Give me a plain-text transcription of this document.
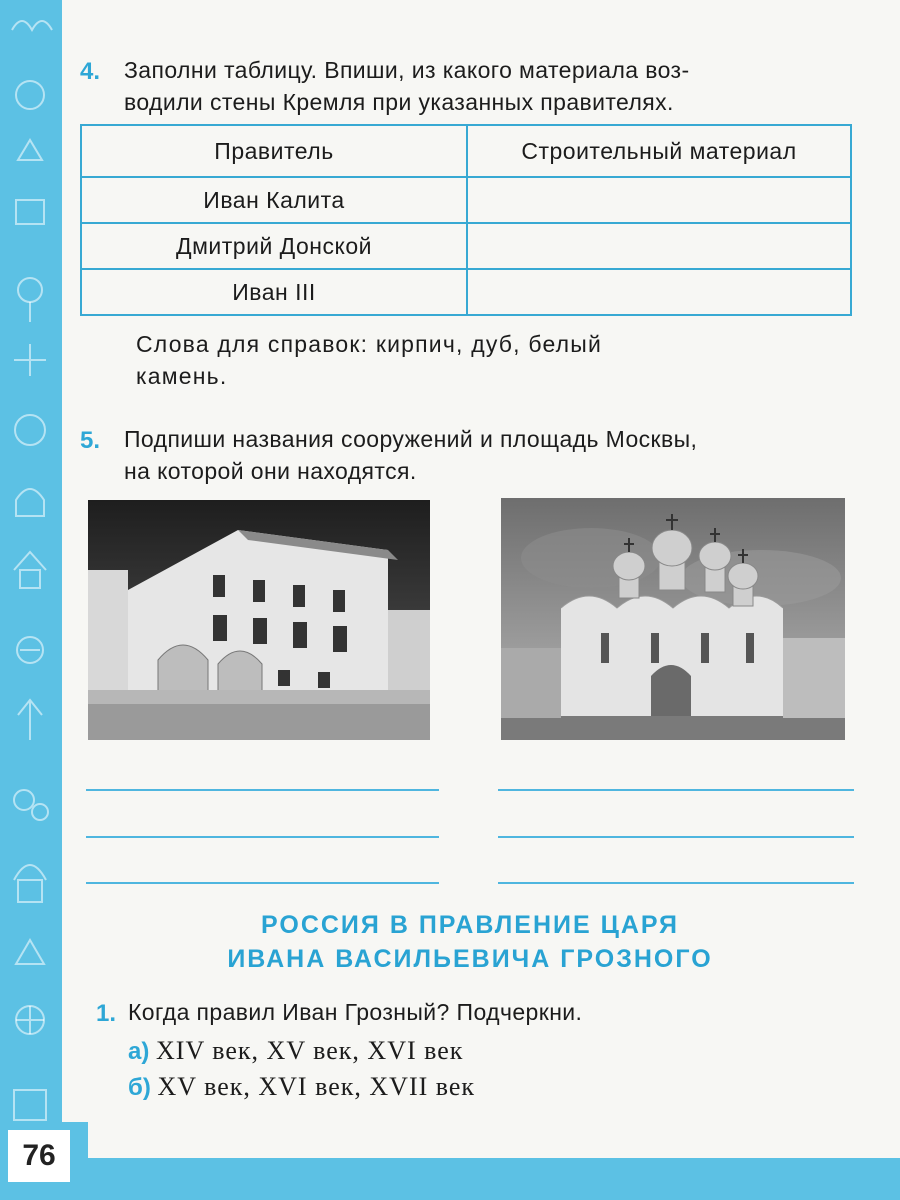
76
4. Заполни таблицу. Впиши, из какого материала воз-
водили стены Кремля при указанных правителях.
Правитель	Строительный материал
Иван Калита	
Дмитрий Донской	
Иван III	
Слова для справок: кирпич, дуб, белый
камень.
5. Подпиши названия сооружений и площадь Москвы,
на которой они находятся.
РОССИЯ В ПРАВЛЕНИЕ ЦАРЯ
ИВАНА ВАСИЛЬЕВИЧА ГРОЗНОГО
1. Когда правил Иван Грозный? Подчеркни.
а) XIV век, XV век, XVI век
б) XV век, XVI век, XVII век
